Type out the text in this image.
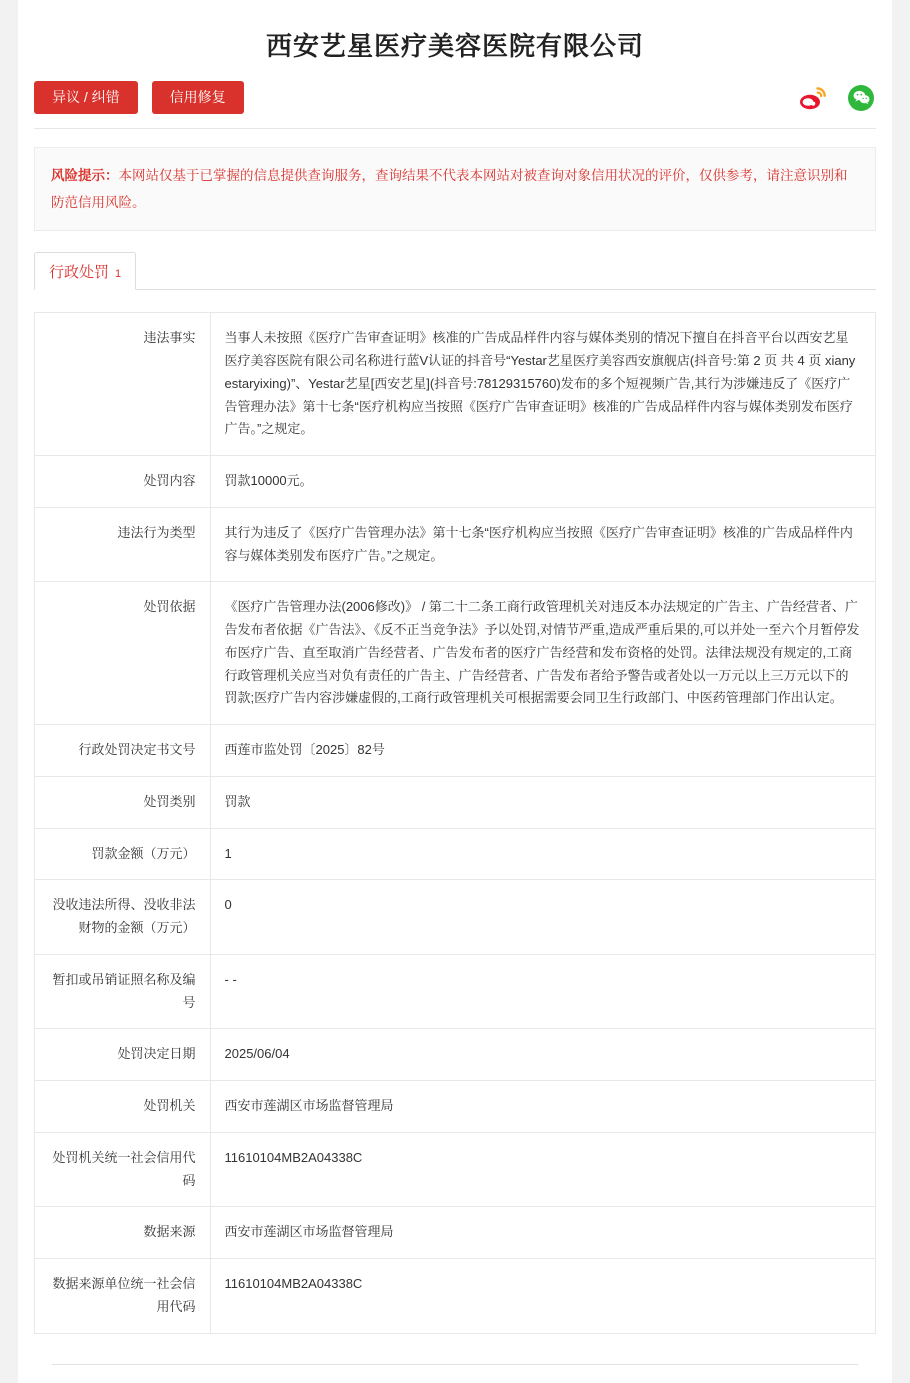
西安艺星医疗美容医院有限公司
异议 / 纠错	信用修复
风险提示：本网站仅基于已掌握的信息提供查询服务，查询结果不代表本网站对被查询对象信用状况的评价，仅供参考，请注意识别和防范信用风险。
行政处罚 1
违法事实	当事人未按照《医疗广告审查证明》核准的广告成品样件内容与媒体类别的情况下擅自在抖音平台以西安艺星医疗美容医院有限公司名称进行蓝V认证的抖音号“Yestar艺星医疗美容西安旗舰店(抖音号:第 2 页 共 4 页 xianyestaryixing)”、Yestar艺星[西安艺星](抖音号:78129315760)发布的多个短视频广告,其行为涉嫌违反了《医疗广告管理办法》第十七条“医疗机构应当按照《医疗广告审查证明》核准的广告成品样件内容与媒体类别发布医疗广告。”之规定。
处罚内容	罚款10000元。
违法行为类型	其行为违反了《医疗广告管理办法》第十七条“医疗机构应当按照《医疗广告审查证明》核准的广告成品样件内容与媒体类别发布医疗广告。”之规定。
处罚依据	《医疗广告管理办法(2006修改)》 / 第二十二条工商行政管理机关对违反本办法规定的广告主、广告经营者、广告发布者依据《广告法》、《反不正当竞争法》予以处罚,对情节严重,造成严重后果的,可以并处一至六个月暂停发布医疗广告、直至取消广告经营者、广告发布者的医疗广告经营和发布资格的处罚。法律法规没有规定的,工商行政管理机关应当对负有责任的广告主、广告经营者、广告发布者给予警告或者处以一万元以上三万元以下的罚款;医疗广告内容涉嫌虚假的,工商行政管理机关可根据需要会同卫生行政部门、中医药管理部门作出认定。
行政处罚决定书文号	西莲市监处罚〔2025〕82号
处罚类别	罚款
罚款金额（万元）	1
没收违法所得、没收非法财物的金额（万元）	0
暂扣或吊销证照名称及编号	- -
处罚决定日期	2025/06/04
处罚机关	西安市莲湖区市场监督管理局
处罚机关统一社会信用代码	11610104MB2A04338C
数据来源	西安市莲湖区市场监督管理局
数据来源单位统一社会信用代码	11610104MB2A04338C
